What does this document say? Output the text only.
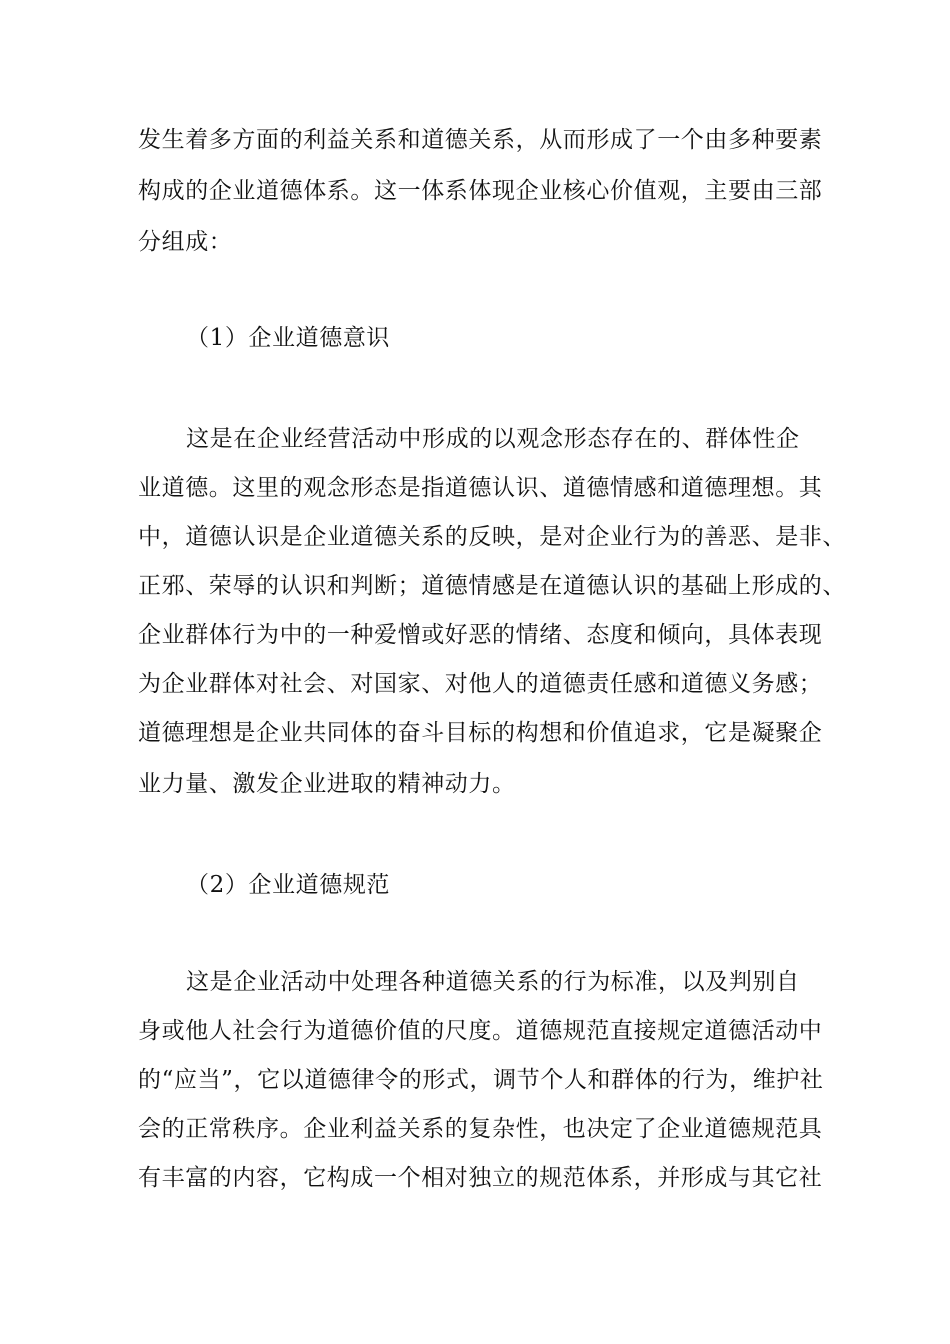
发生着多方面的利益关系和道德关系，从而形成了一个由多种要素
构成的企业道德体系。这一体系体现企业核心价值观，主要由三部
分组成：
（1）企业道德意识
这是在企业经营活动中形成的以观念形态存在的、群体性企
业道德。这里的观念形态是指道德认识、道德情感和道德理想。其
中，道德认识是企业道德关系的反映，是对企业行为的善恶、是非、
正邪、荣辱的认识和判断；道德情感是在道德认识的基础上形成的、
企业群体行为中的一种爱憎或好恶的情绪、态度和倾向，具体表现
为企业群体对社会、对国家、对他人的道德责任感和道德义务感；
道德理想是企业共同体的奋斗目标的构想和价值追求，它是凝聚企
业力量、激发企业进取的精神动力。
（2）企业道德规范
这是企业活动中处理各种道德关系的行为标准，以及判别自
身或他人社会行为道德价值的尺度。道德规范直接规定道德活动中
的“应当”，它以道德律令的形式，调节个人和群体的行为，维护社
会的正常秩序。企业利益关系的复杂性，也决定了企业道德规范具
有丰富的内容，它构成一个相对独立的规范体系，并形成与其它社
